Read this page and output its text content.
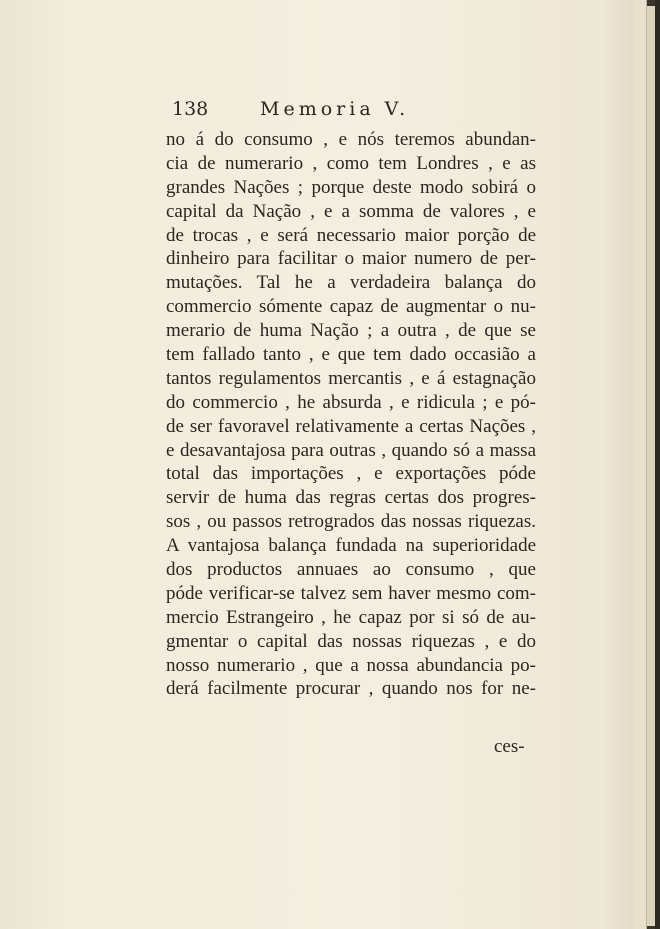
138	Memoria V.
no á do consumo , e nós teremos abundan-
cia de numerario , como tem Londres , e as
grandes Nações ; porque deste modo sobirá o
capital da Nação , e a somma de valores , e
de trocas , e será necessario maior porção de
dinheiro para facilitar o maior numero de per-
mutações. Tal he a verdadeira balança do
commercio sómente capaz de augmentar o nu-
merario de huma Nação ; a outra , de que se
tem fallado tanto , e que tem dado occasião a
tantos regulamentos mercantis , e á estagnação
do commercio , he absurda , e ridicula ; e pó-
de ser favoravel relativamente a certas Nações ,
e desavantajosa para outras , quando só a massa
total das importações , e exportações póde
servir de huma das regras certas dos progres-
sos , ou passos retrogrados das nossas riquezas.
A vantajosa balança fundada na superioridade
dos productos annuaes ao consumo , que
póde verificar-se talvez sem haver mesmo com-
mercio Estrangeiro , he capaz por si só de au-
gmentar o capital das nossas riquezas , e do
nosso numerario , que a nossa abundancia po-
derá facilmente procurar , quando nos for ne-
ces-
